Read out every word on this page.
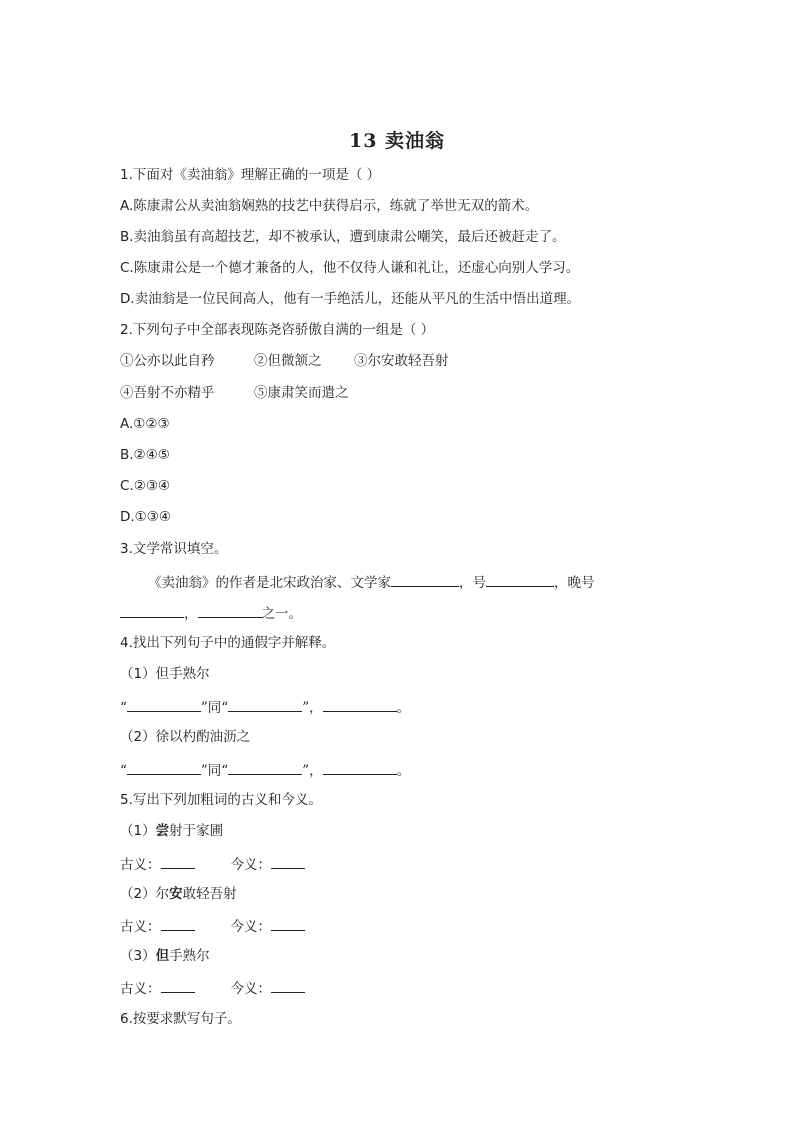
13 卖油翁
1.下面对《卖油翁》理解正确的一项是（ ）
A.陈康肃公从卖油翁娴熟的技艺中获得启示，练就了举世无双的箭术。
B.卖油翁虽有高超技艺，却不被承认，遭到康肃公嘲笑，最后还被赶走了。
C.陈康肃公是一个德才兼备的人，他不仅待人谦和礼让，还虚心向别人学习。
D.卖油翁是一位民间高人，他有一手绝活儿，还能从平凡的生活中悟出道理。
2.下列句子中全部表现陈尧咨骄傲自满的一组是（ ）
①公亦以此自矜	②但微颔之 ③尔安敢轻吾射
④吾射不亦精乎	⑤康肃笑而遣之
A.①②③
B.②④⑤
C.②③④
D.①③④
3.文学常识填空。
《卖油翁》的作者是北宋政治家、文学家	，号	，晚号
，	之一。
4.找出下列句子中的通假字并解释。
（1）但手熟尔
“	”同“	”，	。
（2）徐以杓酌油沥之
“	”同“	”，	。
5.写出下列加粗词的古义和今义。
（1）尝射于家圃
古义：	今义：
（2）尔安敢轻吾射
古义：	今义：
（3）但手熟尔
古义：	今义：
6.按要求默写句子。
